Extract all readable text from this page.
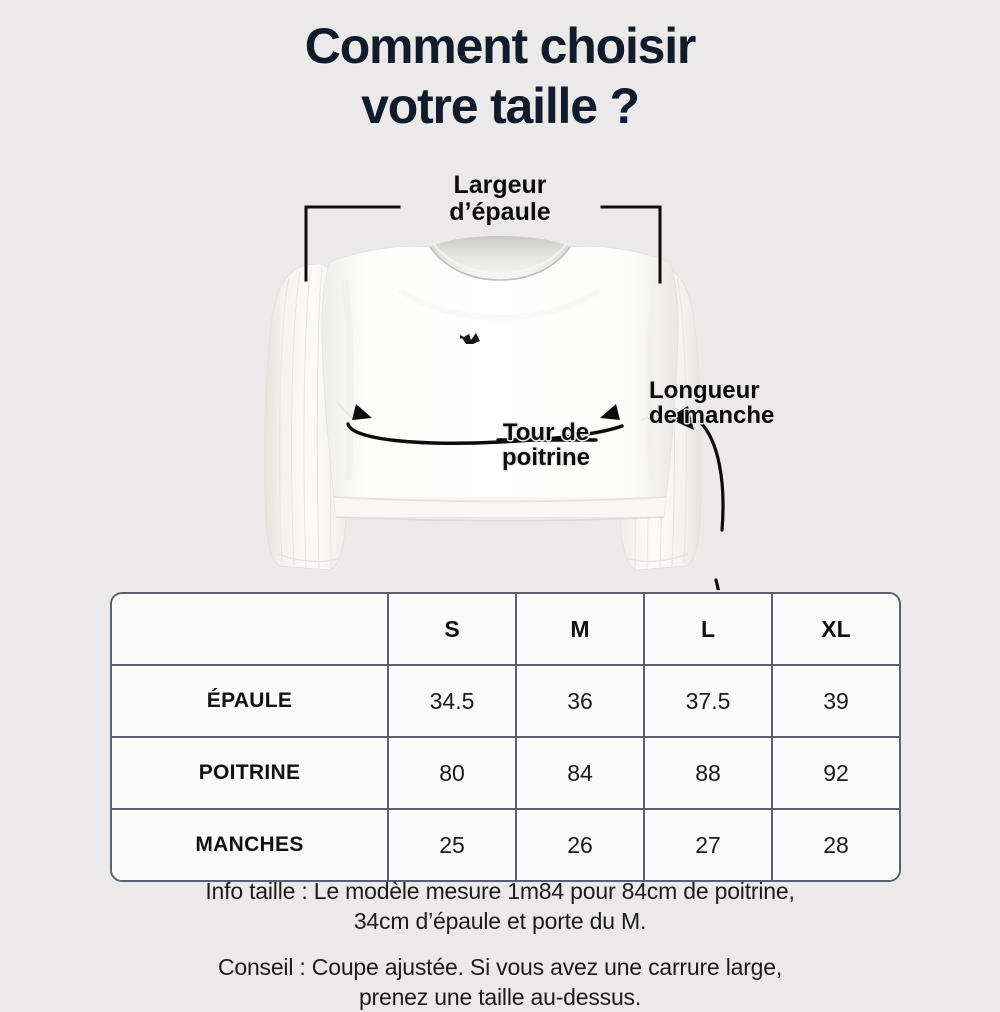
Comment choisir
votre taille ?
Largeur
d’épaule
Tour de
poitrine
Longueur
de manche
	S	M	L	XL
ÉPAULE	34.5	36	37.5	39
POITRINE	80	84	88	92
MANCHES	25	26	27	28
Info taille : Le modèle mesure 1m84 pour 84cm de poitrine,
34cm d’épaule et porte du M.
Conseil : Coupe ajustée. Si vous avez une carrure large,
prenez une taille au-dessus.
